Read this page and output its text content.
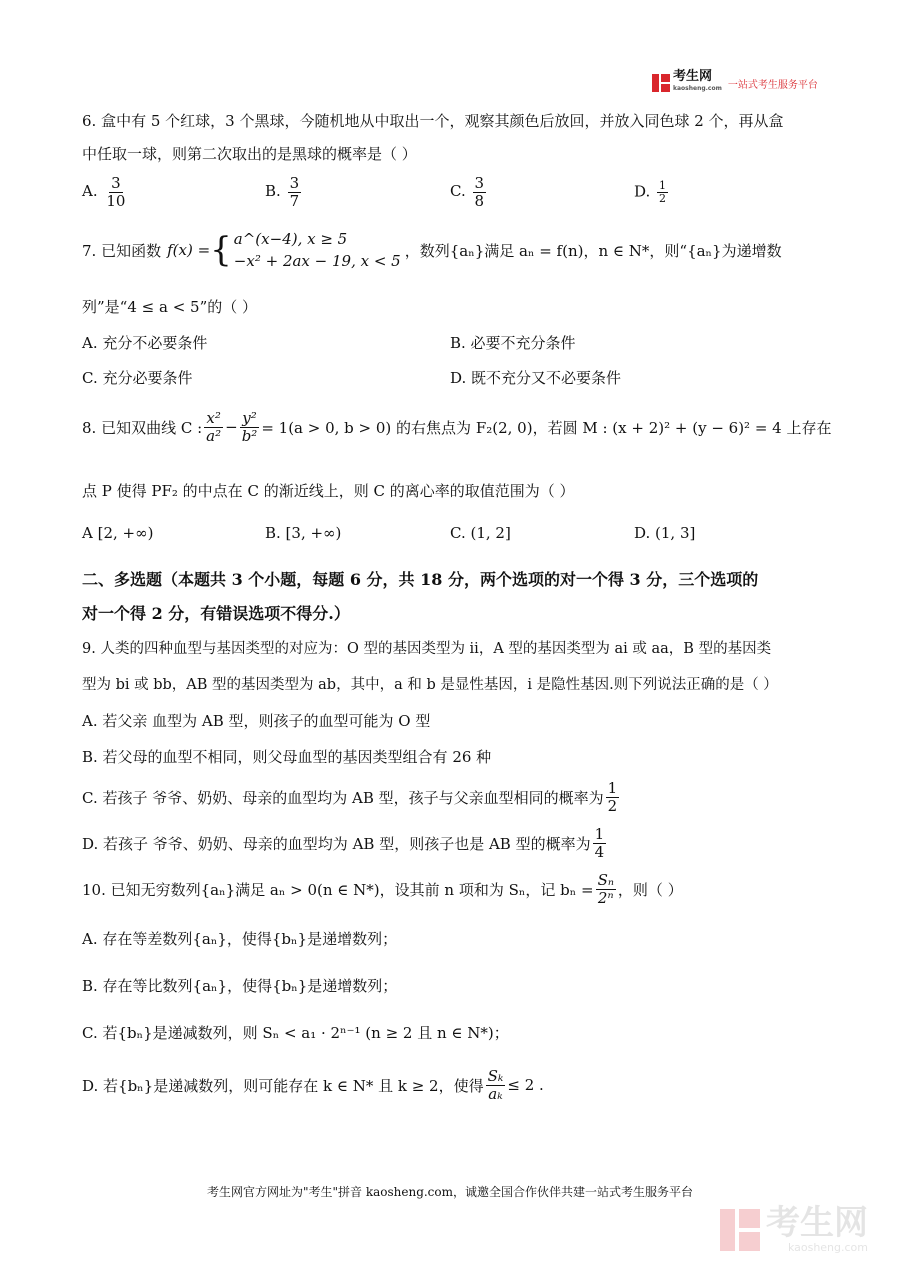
考生网
kaosheng.com 一站式考生服务平台
6. 盒中有 5 个红球，3 个黑球，今随机地从中取出一个，观察其颜色后放回，并放入同色球 2 个，再从盒
中任取一球，则第二次取出的是黑球的概率是（ ）
A. $\frac{3}{10}$	B. $\frac{3}{7}$	C. $\frac{3}{8}$	D. $\frac{1}{2}$
7. 已知函数 f(x) = { a^(x−4), x ≥ 5
−x² + 2ax − 19, x < 5
，数列{aₙ}满足 aₙ = f(n)，n ∈ N*，则“{aₙ}为递增数
列”是“4 ≤ a < 5”的（ ）
A. 充分不必要条件	B. 必要不充分条件
C. 充分必要条件	D. 既不充分又不必要条件
8. 已知双曲线 C : $\frac{\text{x²}}{\text{a²}} - \frac{\text{y²}}{\text{b²}} = 1(a > 0$, b > 0) 的右焦点为 F₂(2, 0)，若圆 M : (x + 2)² + (y − 6)² = 4 上存在
点 P 使得 PF₂ 的中点在 C 的渐近线上，则 C 的离心率的取值范围为（ ）
A [2, +∞)	B. [3, +∞)	C. (1, 2]	D. (1, 3]
二、多选题（本题共 3 个小题，每题 6 分，共 18 分，两个选项的对一个得 3 分，三个选项的
对一个得 2 分，有错误选项不得分.）
9. 人类的四种血型与基因类型的对应为：O 型的基因类型为 ii，A 型的基因类型为 ai 或 aa，B 型的基因类
型为 bi 或 bb，AB 型的基因类型为 ab，其中，a 和 b 是显性基因，i 是隐性基因.则下列说法正确的是（ ）
A. 若父亲 血型为 AB 型，则孩子的血型可能为 O 型
B. 若父母的血型不相同，则父母血型的基因类型组合有 26 种
C. 若孩子 爷爷、奶奶、母亲的血型均为 AB 型，孩子与父亲血型相同的概率为 $\frac{1}{2}$
D. 若孩子 爷爷、奶奶、母亲的血型均为 AB 型，则孩子也是 AB 型的概率为 $\frac{1}{4}$
10. 已知无穷数列{aₙ}满足 aₙ > 0(n ∈ N*)，设其前 n 项和为 Sₙ，记 $b_n = \frac{\text{Sₙ}}{\text{2ⁿ}}$ ，则（ ）
A. 存在等差数列{aₙ}，使得{bₙ}是递增数列；
B. 存在等比数列{aₙ}，使得{bₙ}是递增数列；
C. 若{bₙ}是递减数列，则 Sₙ < a₁ · 2ⁿ⁻¹ (n ≥ 2 且 n ∈ N*)；
D. 若{bₙ}是递减数列，则可能存在 k ∈ N* 且 k ≥ 2，使得 $\frac{\text{Sₖ}}{\text{aₖ}} \le 2$ .
考生网官方网址为"考生"拼音 kaosheng.com，诚邀全国合作伙伴共建一站式考生服务平台
考生网
kaosheng.com
